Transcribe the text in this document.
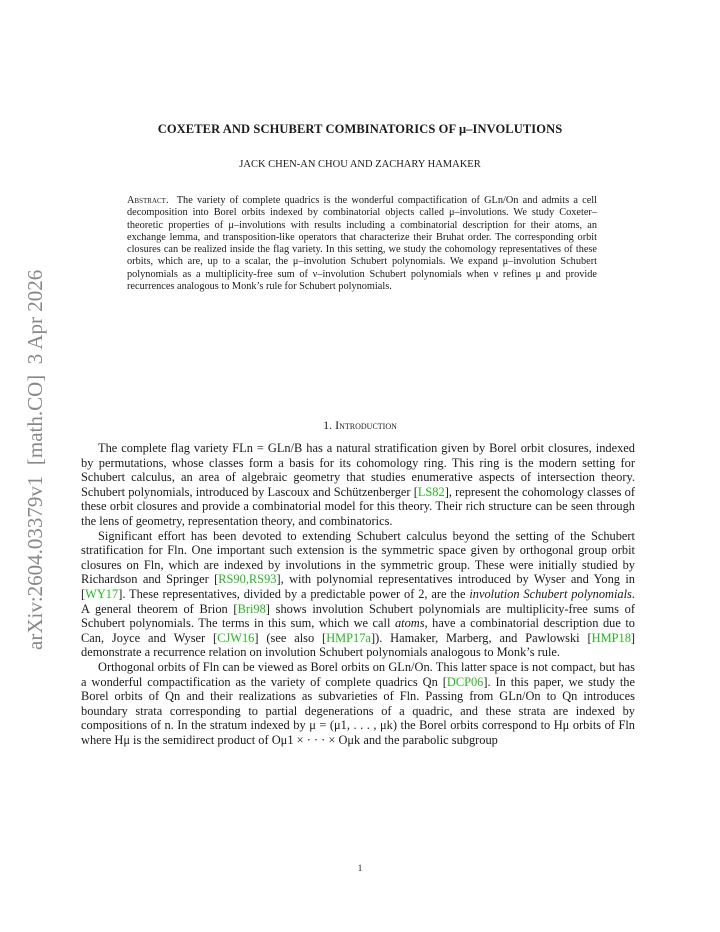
arXiv:2604.03379v1  [math.CO]  3 Apr 2026
COXETER AND SCHUBERT COMBINATORICS OF μ–INVOLUTIONS
JACK CHEN-AN CHOU AND ZACHARY HAMAKER
Abstract. The variety of complete quadrics is the wonderful compactification of GLn/On and admits a cell decomposition into Borel orbits indexed by combinatorial objects called μ–involutions. We study Coxeter–theoretic properties of μ–involutions with results including a combinatorial description for their atoms, an exchange lemma, and transposition-like operators that characterize their Bruhat order. The corresponding orbit closures can be realized inside the flag variety. In this setting, we study the cohomology representatives of these orbits, which are, up to a scalar, the μ–involution Schubert polynomials. We expand μ–involution Schubert polynomials as a multiplicity-free sum of ν–involution Schubert polynomials when ν refines μ and provide recurrences analogous to Monk’s rule for Schubert polynomials.
1. Introduction

The complete flag variety FLn = GLn/B has a natural stratification given by Borel orbit closures, indexed by permutations, whose classes form a basis for its cohomology ring. This ring is the modern setting for Schubert calculus, an area of algebraic geometry that studies enumerative aspects of intersection theory. Schubert polynomials, introduced by Lascoux and Schützenberger [LS82], represent the cohomology classes of these orbit closures and provide a combinatorial model for this theory. Their rich structure can be seen through the lens of geometry, representation theory, and combinatorics.

Significant effort has been devoted to extending Schubert calculus beyond the setting of the Schubert stratification for Fln. One important such extension is the symmetric space given by orthogonal group orbit closures on Fln, which are indexed by involutions in the symmetric group. These were initially studied by Richardson and Springer [RS90,RS93], with polynomial representatives introduced by Wyser and Yong in [WY17]. These representatives, divided by a predictable power of 2, are the involution Schubert polynomials. A general theorem of Brion [Bri98] shows involution Schubert polynomials are multiplicity-free sums of Schubert polynomials. The terms in this sum, which we call atoms, have a combinatorial description due to Can, Joyce and Wyser [CJW16] (see also [HMP17a]). Hamaker, Marberg, and Pawlowski [HMP18] demonstrate a recurrence relation on involution Schubert polynomials analogous to Monk’s rule.

Orthogonal orbits of Fln can be viewed as Borel orbits on GLn/On. This latter space is not compact, but has a wonderful compactification as the variety of complete quadrics Qn [DCP06]. In this paper, we study the Borel orbits of Qn and their realizations as subvarieties of Fln. Passing from GLn/On to Qn introduces boundary strata corresponding to partial degenerations of a quadric, and these strata are indexed by compositions of n. In the stratum indexed by μ = (μ1, . . . , μk) the Borel orbits correspond to Hμ orbits of Fln where Hμ is the semidirect product of Oμ1 × · · · × Oμk and the parabolic subgroup

1
